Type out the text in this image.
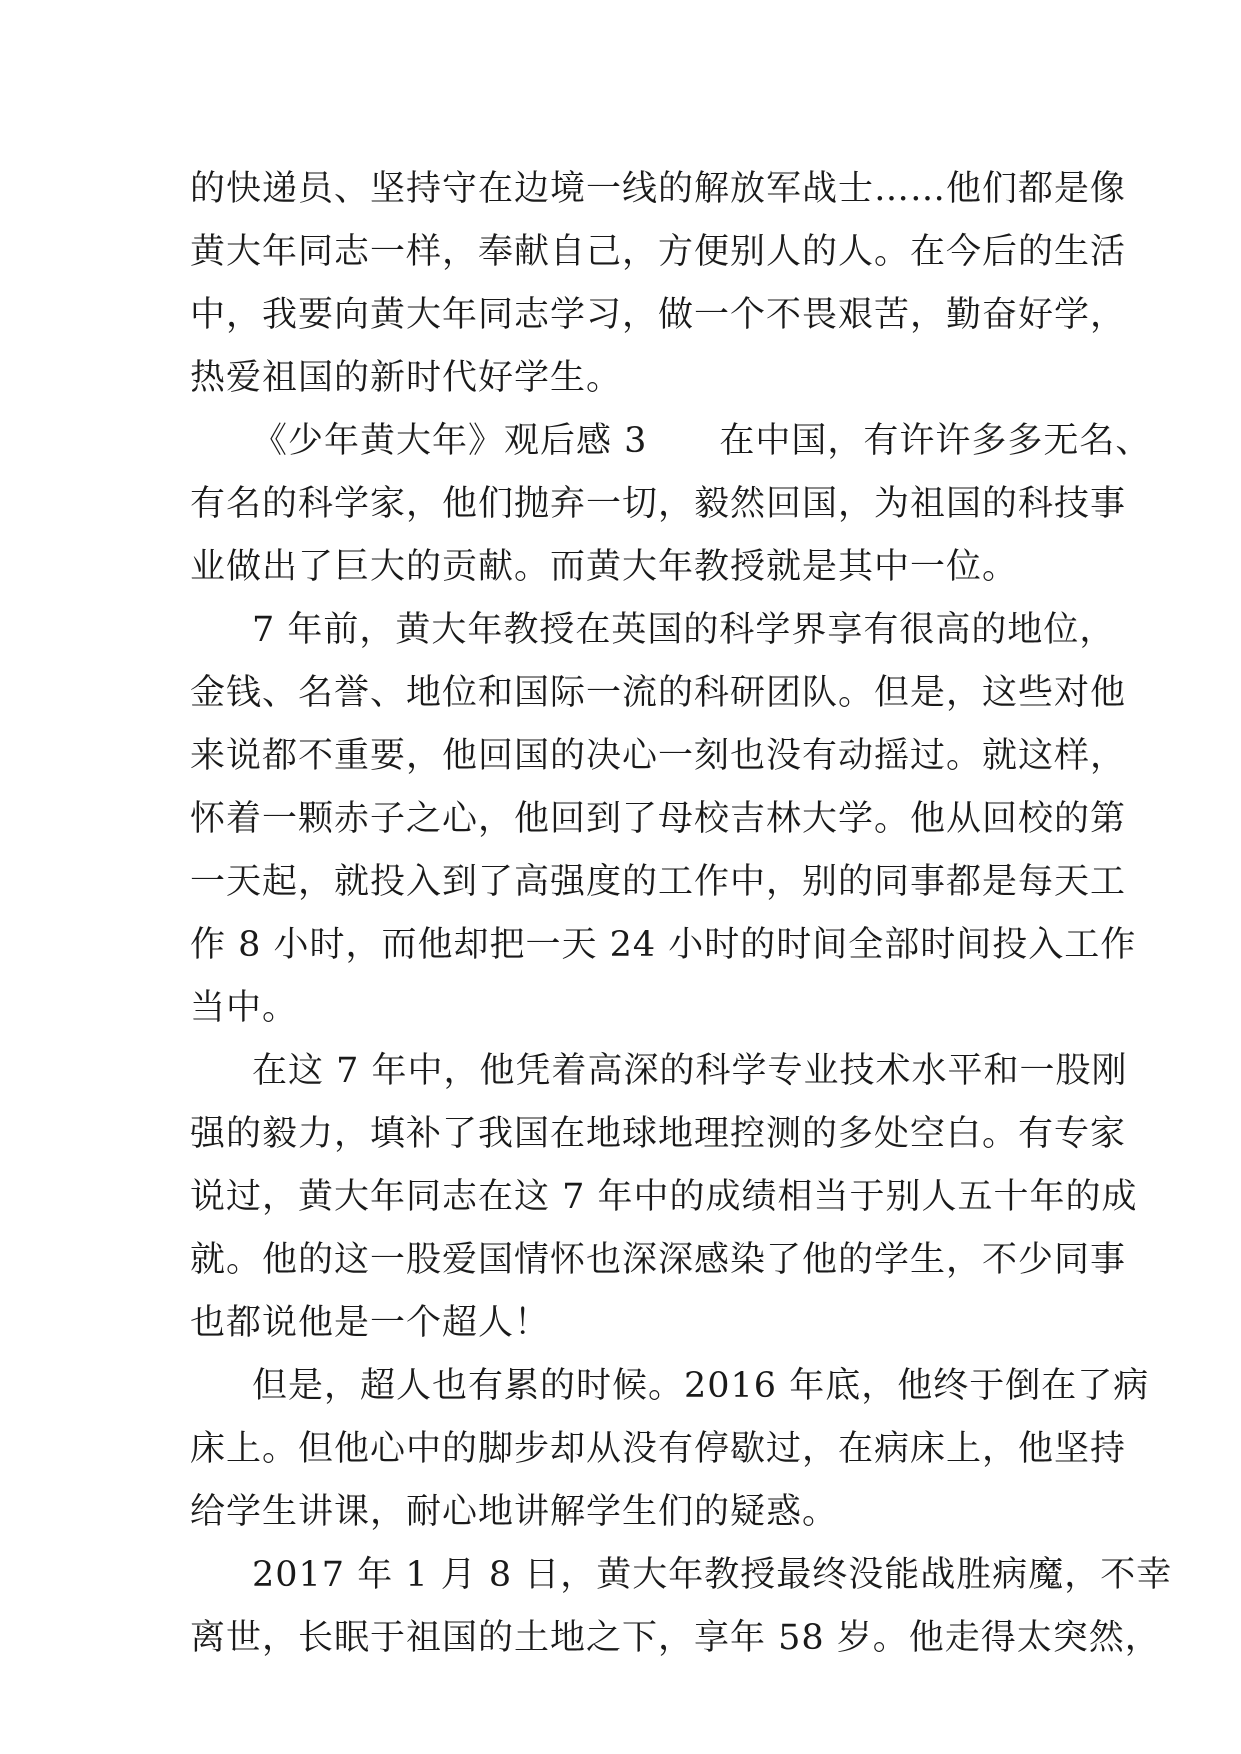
的快递员、坚持守在边境一线的解放军战士……他们都是像
黄大年同志一样，奉献自己，方便别人的人。在今后的生活
中，我要向黄大年同志学习，做一个不畏艰苦，勤奋好学，
热爱祖国的新时代好学生。
《少年黄大年》观后感 3　　在中国，有许许多多无名、
有名的科学家，他们抛弃一切，毅然回国，为祖国的科技事
业做出了巨大的贡献。而黄大年教授就是其中一位。
7 年前，黄大年教授在英国的科学界享有很高的地位，
金钱、名誉、地位和国际一流的科研团队。但是，这些对他
来说都不重要，他回国的决心一刻也没有动摇过。就这样，
怀着一颗赤子之心，他回到了母校吉林大学。他从回校的第
一天起，就投入到了高强度的工作中，别的同事都是每天工
作 8 小时，而他却把一天 24 小时的时间全部时间投入工作
当中。
在这 7 年中，他凭着高深的科学专业技术水平和一股刚
强的毅力，填补了我国在地球地理控测的多处空白。有专家
说过，黄大年同志在这 7 年中的成绩相当于别人五十年的成
就。他的这一股爱国情怀也深深感染了他的学生，不少同事
也都说他是一个超人！
但是，超人也有累的时候。2016 年底，他终于倒在了病
床上。但他心中的脚步却从没有停歇过，在病床上，他坚持
给学生讲课，耐心地讲解学生们的疑惑。
2017 年 1 月 8 日，黄大年教授最终没能战胜病魔，不幸
离世，长眠于祖国的土地之下，享年 58 岁。他走得太突然，
